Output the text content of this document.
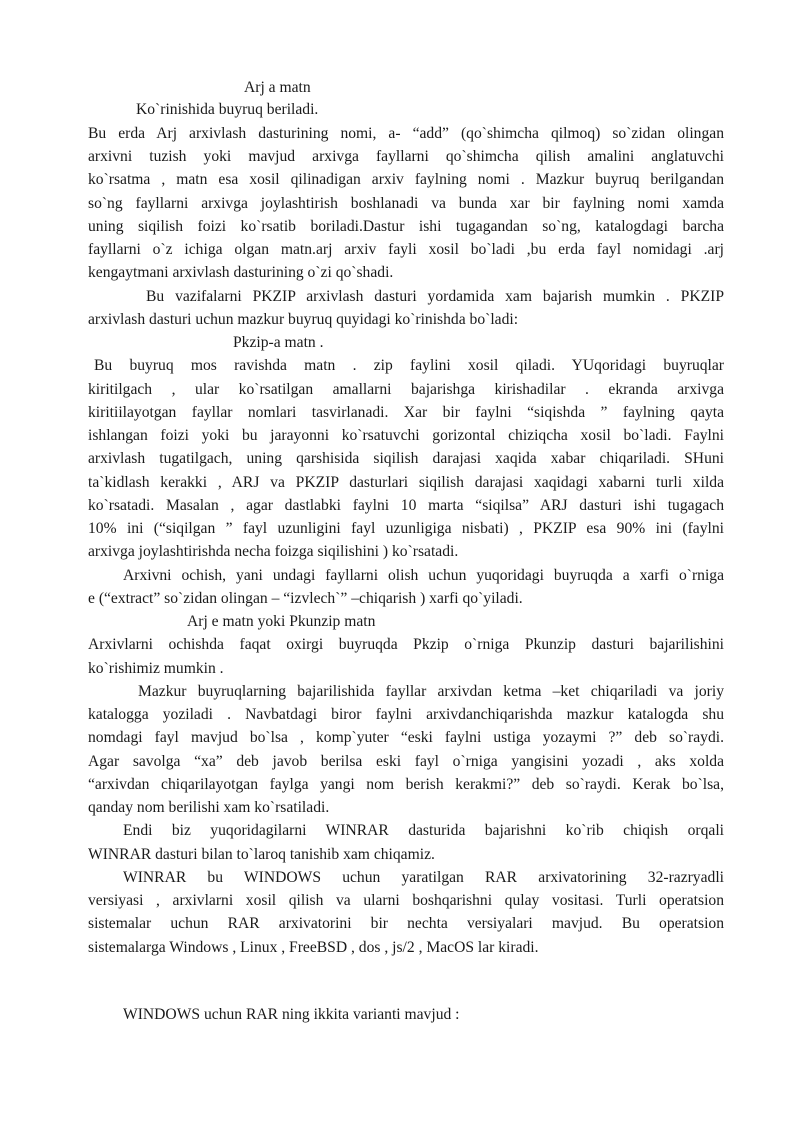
Arj a matn
Ko`rinishida buyruq beriladi.
Bu erda Arj arxivlash dasturining nomi, a- “add” (qo`shimcha qilmoq) so`zidan olingan
arxivni tuzish yoki mavjud arxivga fayllarni qo`shimcha qilish amalini anglatuvchi
ko`rsatma , matn esa xosil qilinadigan arxiv faylning nomi . Mazkur buyruq berilgandan
so`ng fayllarni arxivga joylashtirish boshlanadi va bunda xar bir faylning nomi xamda
uning siqilish foizi ko`rsatib boriladi.Dastur ishi tugagandan so`ng, katalogdagi barcha
fayllarni o`z ichiga olgan matn.arj arxiv fayli xosil bo`ladi ,bu erda fayl nomidagi .arj
kengaytmani arxivlash dasturining o`zi qo`shadi.
Bu vazifalarni PKZIP arxivlash dasturi yordamida xam bajarish mumkin . PKZIP
arxivlash dasturi uchun mazkur buyruq quyidagi ko`rinishda bo`ladi:
Pkzip-a matn .
Bu buyruq mos ravishda matn . zip faylini xosil qiladi. YUqoridagi buyruqlar
kiritilgach , ular ko`rsatilgan amallarni bajarishga kirishadilar . ekranda arxivga
kiritiilayotgan fayllar nomlari tasvirlanadi. Xar bir faylni “siqishda ” faylning qayta
ishlangan foizi yoki bu jarayonni ko`rsatuvchi gorizontal chiziqcha xosil bo`ladi. Faylni
arxivlash tugatilgach, uning qarshisida siqilish darajasi xaqida xabar chiqariladi. SHuni
ta`kidlash kerakki , ARJ va PKZIP dasturlari siqilish darajasi xaqidagi xabarni turli xilda
ko`rsatadi. Masalan , agar dastlabki faylni 10 marta “siqilsa” ARJ dasturi ishi tugagach
10% ini (“siqilgan ” fayl uzunligini fayl uzunligiga nisbati) , PKZIP esa 90% ini (faylni
arxivga joylashtirishda necha foizga siqilishini ) ko`rsatadi.
Arxivni ochish, yani undagi fayllarni olish uchun yuqoridagi buyruqda a xarfi o`rniga
e (“extract” so`zidan olingan – “izvlech`” –chiqarish ) xarfi qo`yiladi.
Arj e matn yoki Pkunzip matn
Arxivlarni ochishda faqat oxirgi buyruqda Pkzip o`rniga Pkunzip dasturi bajarilishini
ko`rishimiz mumkin .
Mazkur buyruqlarning bajarilishida fayllar arxivdan ketma –ket chiqariladi va joriy
katalogga yoziladi . Navbatdagi biror faylni arxivdanchiqarishda mazkur katalogda shu
nomdagi fayl mavjud bo`lsa , komp`yuter “eski faylni ustiga yozaymi ?” deb so`raydi.
Agar savolga “xa” deb javob berilsa eski fayl o`rniga yangisini yozadi , aks xolda
“arxivdan chiqarilayotgan faylga yangi nom berish kerakmi?” deb so`raydi. Kerak bo`lsa,
qanday nom berilishi xam ko`rsatiladi.
Endi biz yuqoridagilarni WINRAR dasturida bajarishni ko`rib chiqish orqali
WINRAR dasturi bilan to`laroq tanishib xam chiqamiz.
WINRAR bu WINDOWS uchun yaratilgan RAR arxivatorining 32-razryadli
versiyasi , arxivlarni xosil qilish va ularni boshqarishni qulay vositasi. Turli operatsion
sistemalar uchun RAR arxivatorini bir nechta versiyalari mavjud. Bu operatsion
sistemalarga Windows , Linux , FreeBSD , dos , js/2 , MacOS lar kiradi.
WINDOWS uchun RAR ning ikkita varianti mavjud :
